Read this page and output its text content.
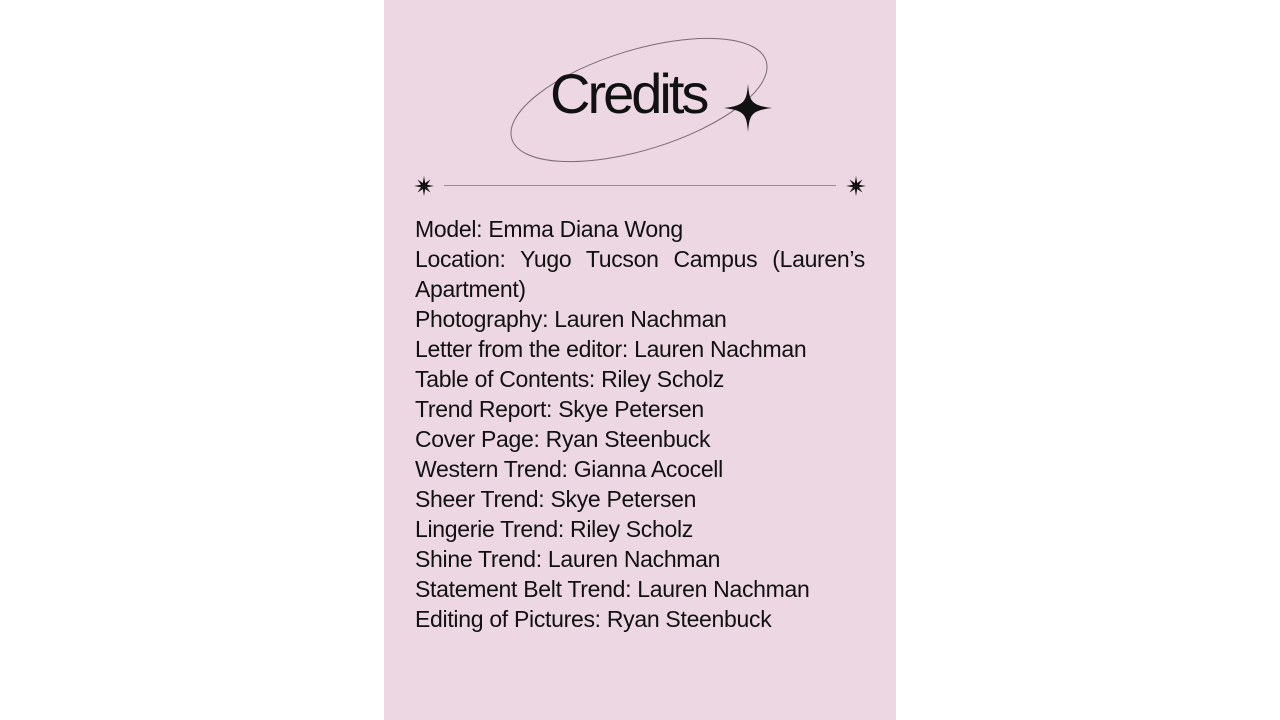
Credits
Model: Emma Diana Wong
Location: Yugo Tucson Campus (Lauren’s Apartment)
Photography: Lauren Nachman
Letter from the editor: Lauren Nachman
Table of Contents: Riley Scholz
Trend Report: Skye Petersen
Cover Page: Ryan Steenbuck
Western Trend: Gianna Acocell
Sheer Trend: Skye Petersen
Lingerie Trend: Riley Scholz
Shine Trend: Lauren Nachman
Statement Belt Trend: Lauren Nachman
Editing of Pictures: Ryan Steenbuck
